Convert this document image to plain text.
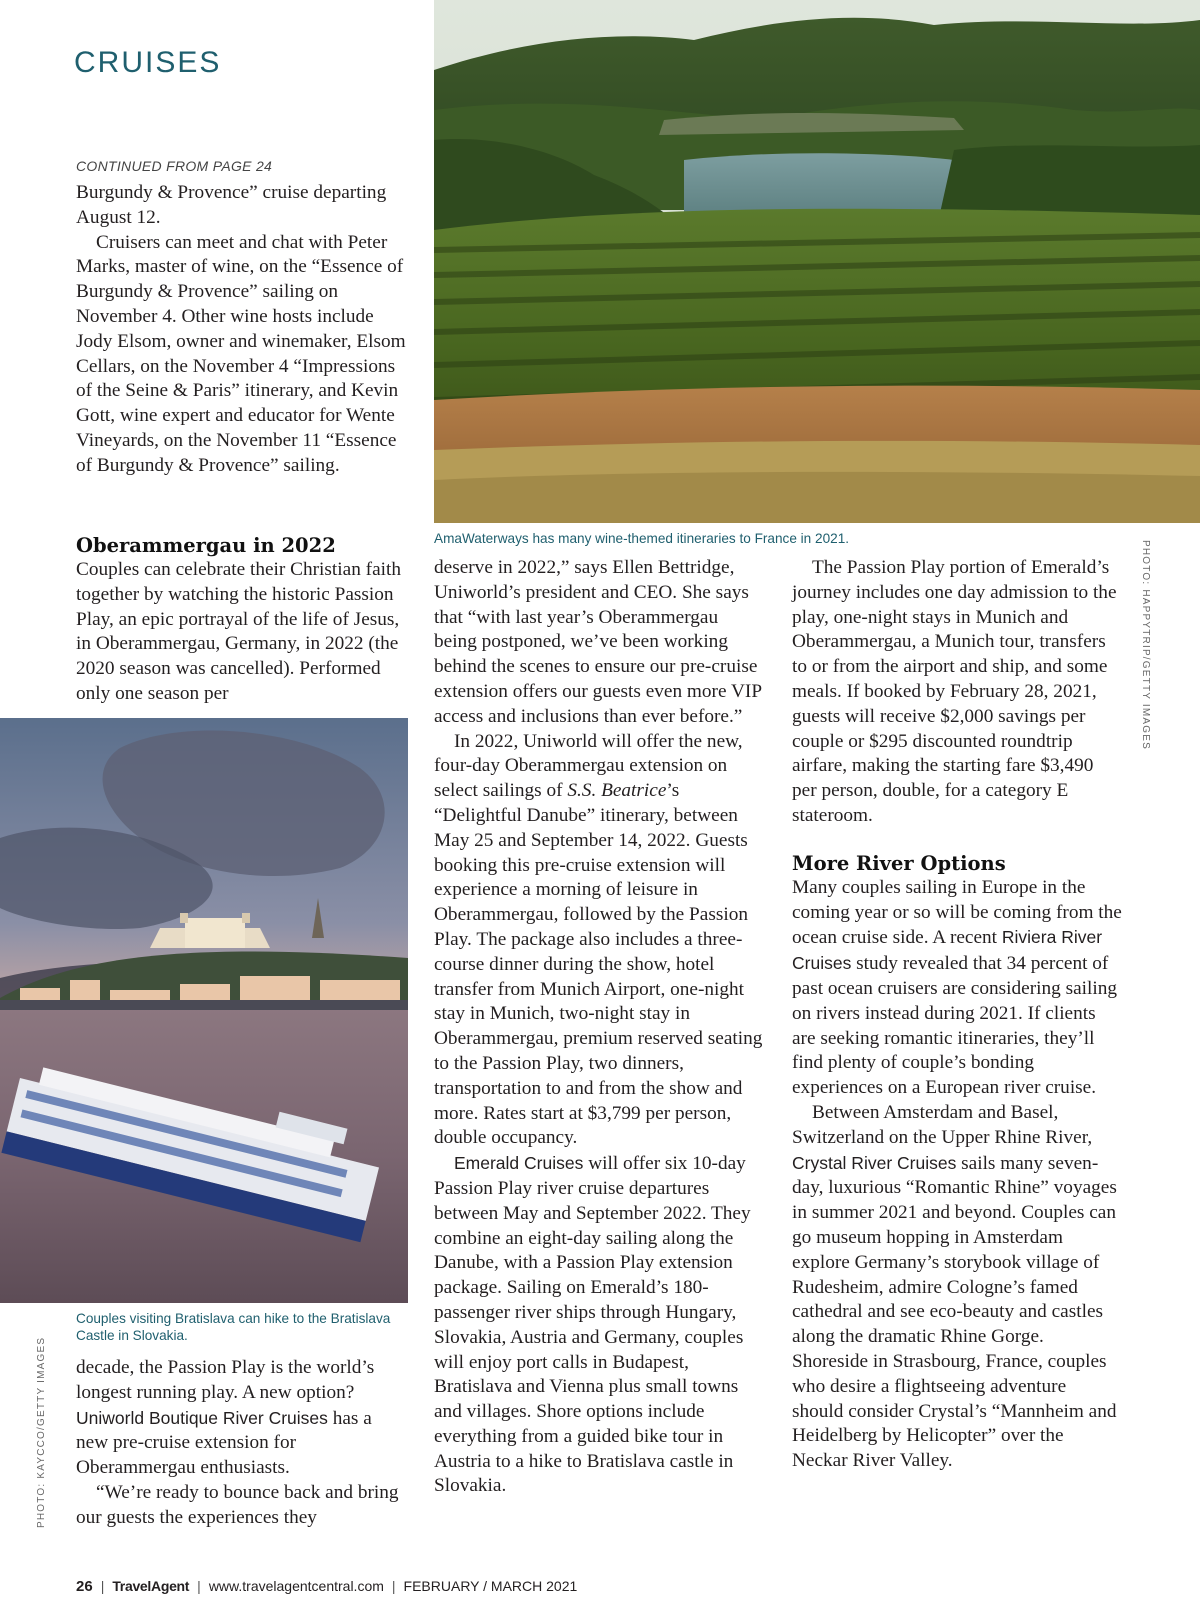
CRUISES
AmaWaterways has many wine-themed itineraries to France in 2021.
PHOTO: HAPPYTRIP/GETTY IMAGES
Couples visiting Bratislava can hike to the Bratislava Castle in Slovakia.
PHOTO: KAYCCO/GETTY IMAGES
CONTINUED FROM PAGE 24

Burgundy & Provence” cruise departing August 12.

Cruisers can meet and chat with Peter Marks, master of wine, on the “Essence of Burgundy & Provence” sailing on November 4. Other wine hosts include Jody Elsom, owner and winemaker, Elsom Cellars, on the November 4 “Impressions of the Seine & Paris” itinerary, and Kevin Gott, wine expert and educator for Wente Vineyards, on the November 11 “Essence of Burgundy & Provence” sailing.

Oberammergau in 2022

Couples can celebrate their Christian faith together by watching the historic Passion Play, an epic portrayal of the life of Jesus, in Oberammergau, Germany, in 2022 (the 2020 season was cancelled). Performed only one season per

decade, the Passion Play is the world’s longest running play. A new option? Uniworld Boutique River Cruises has a new pre-cruise extension for Oberammergau enthusiasts.

“We’re ready to bounce back and bring our guests the experiences they

deserve in 2022,” says Ellen Bettridge, Uniworld’s president and CEO. She says that “with last year’s Oberammergau being postponed, we’ve been working behind the scenes to ensure our pre-cruise extension offers our guests even more VIP access and inclusions than ever before.”

In 2022, Uniworld will offer the new, four-day Oberammergau extension on select sailings of S.S. Beatrice’s “Delightful Danube” itinerary, between May 25 and September 14, 2022. Guests booking this pre-cruise extension will experience a morning of leisure in Oberammergau, followed by the Passion Play. The package also includes a three-course dinner during the show, hotel transfer from Munich Airport, one-night stay in Munich, two-night stay in Oberammergau, premium reserved seating to the Passion Play, two dinners, transportation to and from the show and more. Rates start at $3,799 per person, double occupancy.

Emerald Cruises will offer six 10-day Passion Play river cruise departures between May and September 2022. They combine an eight-day sailing along the Danube, with a Passion Play extension package. Sailing on Emerald’s 180-passenger river ships through Hungary, Slovakia, Austria and Germany, couples will enjoy port calls in Budapest, Bratislava and Vienna plus small towns and villages. Shore options include everything from a guided bike tour in Austria to a hike to Bratislava castle in Slovakia.

The Passion Play portion of Emerald’s journey includes one day admission to the play, one-night stays in Munich and Oberammergau, a Munich tour, transfers to or from the airport and ship, and some meals. If booked by February 28, 2021, guests will receive $2,000 savings per couple or $295 discounted roundtrip airfare, making the starting fare $3,490 per person, double, for a category E stateroom.

More River Options

Many couples sailing in Europe in the coming year or so will be coming from the ocean cruise side. A recent Riviera River Cruises study revealed that 34 percent of past ocean cruisers are considering sailing on rivers instead during 2021. If clients are seeking romantic itineraries, they’ll find plenty of couple’s bonding experiences on a European river cruise.

Between Amsterdam and Basel, Switzerland on the Upper Rhine River, Crystal River Cruises sails many seven-day, luxurious “Romantic Rhine” voyages in summer 2021 and beyond. Couples can go museum hopping in Amsterdam explore Germany’s storybook village of Rudesheim, admire Cologne’s famed cathedral and see eco-beauty and castles along the dramatic Rhine Gorge. Shoreside in Strasbourg, France, couples who desire a flightseeing adventure should consider Crystal’s “Mannheim and Heidelberg by Helicopter” over the Neckar River Valley.

26 | TravelAgent | www.travelagentcentral.com | FEBRUARY / MARCH 2021
